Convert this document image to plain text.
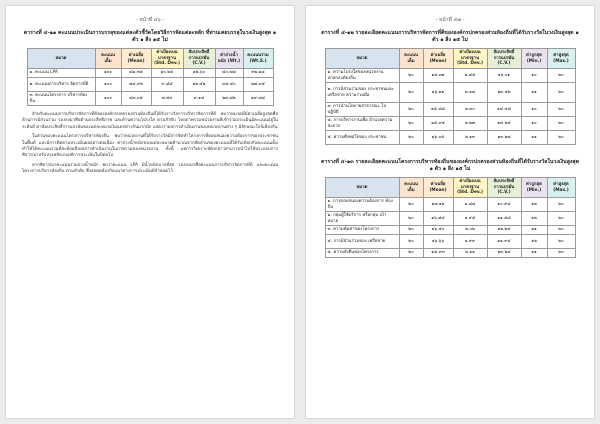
- หน้าที่ ๔๖ -
ตารางที่ ๔-๑๑ คะแนนประเมินการบรรลุของแต่ละตัวชี้วัดโดยวิธีการจัดแต่ละหลัก ที่ท่านเคยบรรลุในวงเงินสูงสุด ๑ ตัว ๑ สิ่ง ๑๕ ไม่
หมวด	คะแนน เต็ม	ค่าเฉลี่ย (Mean)	ค่าเบี่ยงเบน มาตรฐาน (Std. Dev.)	สัมประสิทธิ์ การแปรผัน (C.V.)	ค่าถ่วงน้ำหนัก (Wt.)	คะแนนรวม (Wt.S.)
๑. คะแนน LPA	๑๐๐	๘๑.๓๕	๑๐.๒๕	๑๒.๖๐	๔๐.๗๘	๓๒.๑๘
๒. คะแนนการบริหาร จัดการที่ดี	๑๐๐	๗๘.๙๒	๙.๘๘	๑๒.๕๒	๓๕.๔๐	๒๗.๙๔
๓. คะแนนโครงการ บริหารท้องถิ่น	๑๐๐	๘๓.๐๕	๗.๕๙	๙.๑๔	๒๓.๘๒	๑๙.๗๘

สำหรับคะแนนการบริหารจัดการที่ดีขององค์กรปกครองส่วนท้องถิ่นที่ได้รับรางวัลการบริหารจัดการที่ดี พบว่าหมวดที่มีค่าเฉลี่ยสูงสุดคือด้านการมีส่วนร่วม รองลงมาคือด้านประสิทธิภาพ และด้านความโปร่งใส ตามลำดับ โดยภาพรวมหน่วยงานที่เข้าร่วมประเมินมีคะแนนอยู่ในระดับดี ค่าสัมประสิทธิ์การแปรผันของแต่ละหมวดไม่แตกต่างกันมากนัก แสดงว่าผลการดำเนินงานของหน่วยงานต่าง ๆ มีลักษณะใกล้เคียงกัน

ในส่วนของคะแนนโครงการบริหารท้องถิ่น พบว่าหน่วยงานที่ได้รับรางวัลมีการจัดทำโครงการที่ตอบสนองความต้องการของประชาชนในพื้นที่ และมีการติดตามประเมินผลอย่างต่อเนื่อง ค่าถ่วงน้ำหนักของแต่ละหมวดคำนวณจากสัดส่วนของคะแนนที่ได้รับเทียบกับคะแนนเต็ม ทำให้ได้คะแนนรวมที่สะท้อนถึงผลการดำเนินงานในภาพรวมของหน่วยงาน ทั้งนี้ ผลการวิเคราะห์ดังกล่าวสามารถนำไปใช้ประกอบการพิจารณาปรับปรุงหลักเกณฑ์การประเมินในปีต่อไป

หากพิจารณาคะแนนรวมถ่วงน้ำหนัก พบว่าคะแนน LPA มีน้ำหนักมากที่สุด รองลงมาคือคะแนนการบริหารจัดการที่ดี และคะแนนโครงการบริหารท้องถิ่น ตามลำดับ ซึ่งสอดคล้องกับแนวทางการประเมินที่กำหนดไว้

- หน้าที่ ๔๗ -
ตารางที่ ๔-๑๒ รายละเอียดคะแนนการบริหารจัดการที่ดีขององค์กรปกครองส่วนท้องถิ่นที่ได้รับรางวัลในวงเงินสูงสุด ๑ ตัว ๑ สิ่ง ๑๕ ไม่
หมวด	คะแนน เต็ม	ค่าเฉลี่ย (Mean)	ค่าเบี่ยงเบน มาตรฐาน (Std. Dev.)	สัมประสิทธิ์ การแปรผัน (C.V.)	ค่าถูกสุด (Min.)	ค่าสูงสุด (Max.)
๑. ความโปร่งใสของหน่วยงาน ปกครองท้องถิ่น	๒๐	๑๕.๓๑	๒.๔๕	๑๖.๐๑	๑๐	๒๐
๒. การมีส่วนร่วมของ ประชาชนและเครือข่าย ความร่วมมือ	๒๐	๑๖.๑๒	๒.๑๘	๑๓.๕๒	๑๑	๒๐
๓. การนำนโยบายสาธารณะ ไปปฏิบัติ	๒๐	๑๕.๘๘	๒.๓๐	๑๔.๔๘	๑๐	๒๐
๔. การบริหารงานเพื่อ อำนวยความสะดวก	๒๐	๑๕.๙๔	๒.๒๗	๑๔.๒๔	๑๐	๒๐
๕. ความพึงพอใจของ ประชาชน	๒๐	๑๖.๐๕	๒.๑๓	๑๓.๒๗	๑๑	๒๐
ตารางที่ ๔-๑๓ รายละเอียดคะแนนโครงการบริหารท้องถิ่นขององค์กรปกครองส่วนท้องถิ่นที่ได้รับรางวัลในวงเงินสูงสุด ๑ ตัว ๑ สิ่ง ๑๕ ไม่
หมวด	คะแนน เต็ม	ค่าเฉลี่ย (Mean)	ค่าเบี่ยงเบน มาตรฐาน (Std. Dev.)	สัมประสิทธิ์ การแปรผัน (C.V.)	ค่าถูกสุด (Min.)	ค่าสูงสุด (Max.)
๑. การตอบสนองความต้องการ ท้องถิ่น	๒๐	๑๗.๑๒	๑.๘๘	๑๐.๙๘	๑๒	๒๐
๒. กลุ่มผู้ใช้บริการ หรือกลุ่ม เป้าหมาย	๒๐	๑๖.๘๔	๑.๙๕	๑๑.๕๘	๑๒	๒๐
๓. ความคุ้มค่าของโครงการ	๒๐	๑๖.๕๐	๒.๐๒	๑๒.๒๔	๑๑	๒๐
๔. การมีส่วนร่วมของ เครือข่าย	๒๐	๑๖.๖๖	๑.๙๙	๑๑.๙๔	๑๒	๒๐
๕. ความยั่งยืนของโครงการ	๒๐	๑๕.๙๓	๒.๑๑	๑๓.๒๔	๑๑	๒๐
